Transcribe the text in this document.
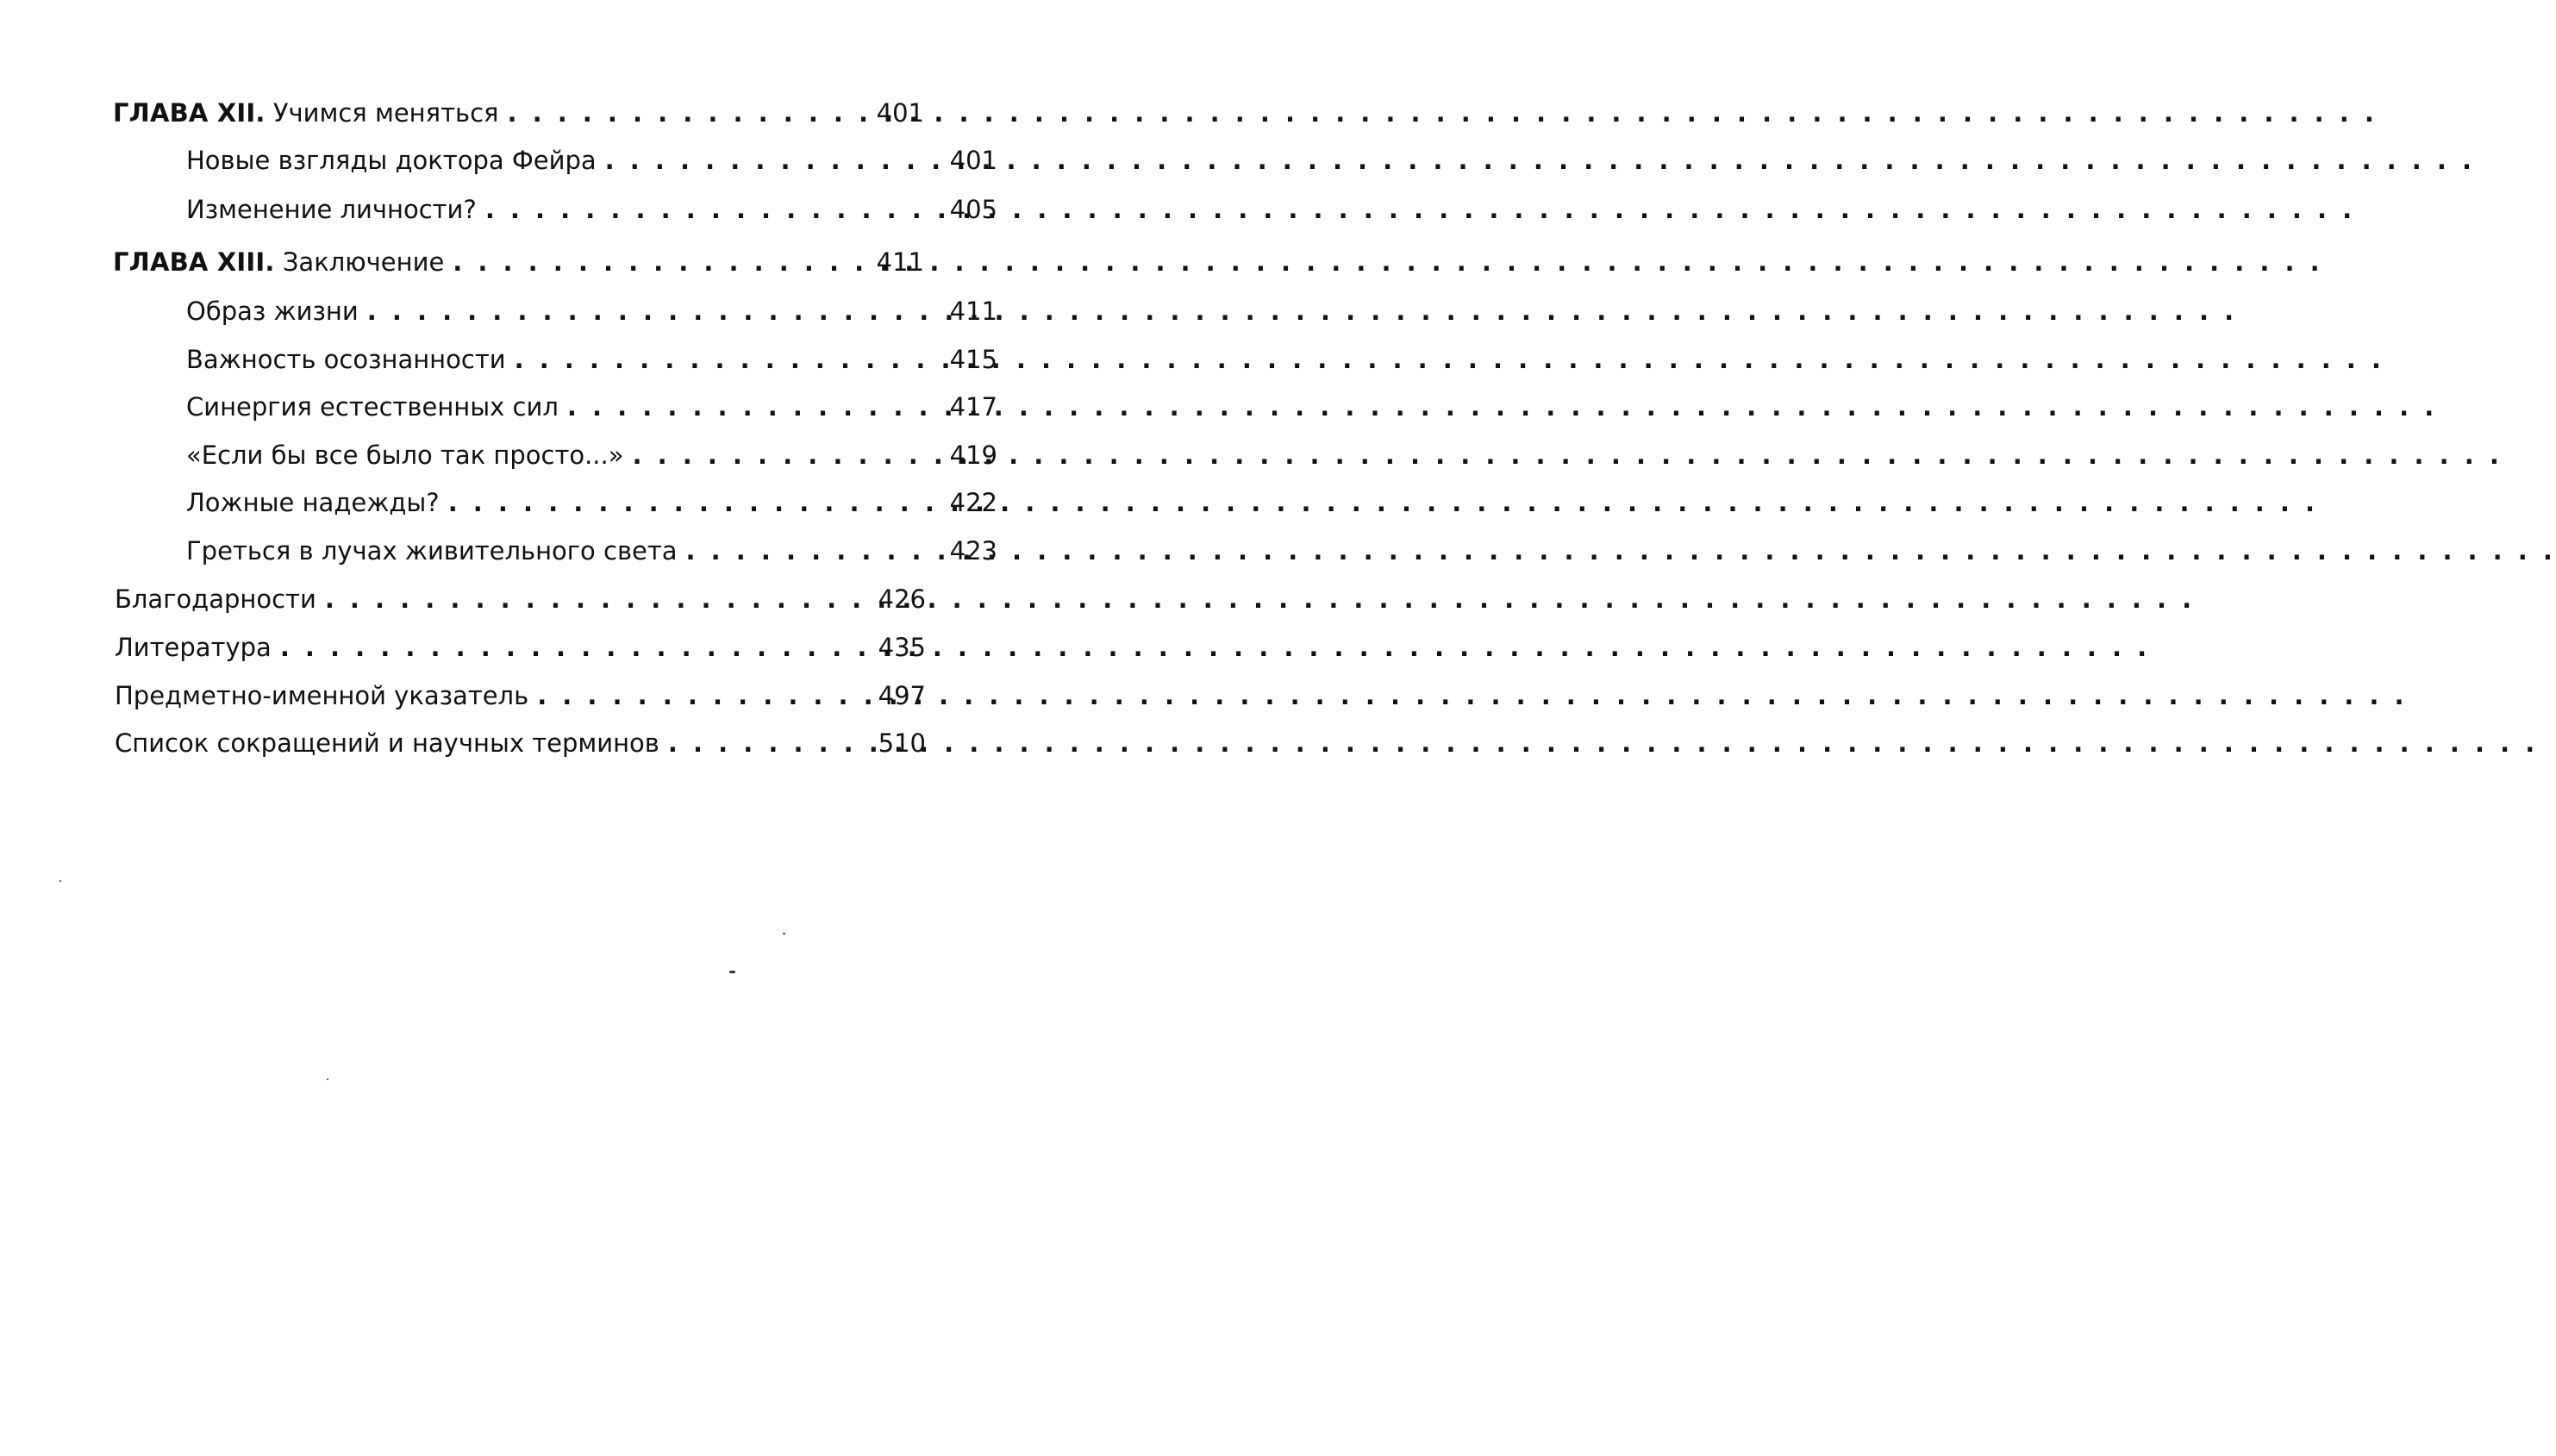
ГЛАВА XII. Учимся меняться . . .	401
Новые взгляды доктора Фейра . . .	401
Изменение личности? . . .	405
ГЛАВА XIII. Заключение . . .	411
Образ жизни . . .	411
Важность осознанности . . .	415
Синергия естественных сил . . .	417
«Если бы все было так просто...» . . .	419
Ложные надежды? . . .	422
Греться в лучах живительного света . . .	423
Благодарности . . .	426
Литература . . .	435
Предметно-именной указатель . . .	497
Список сокращений и научных терминов . . .	510
